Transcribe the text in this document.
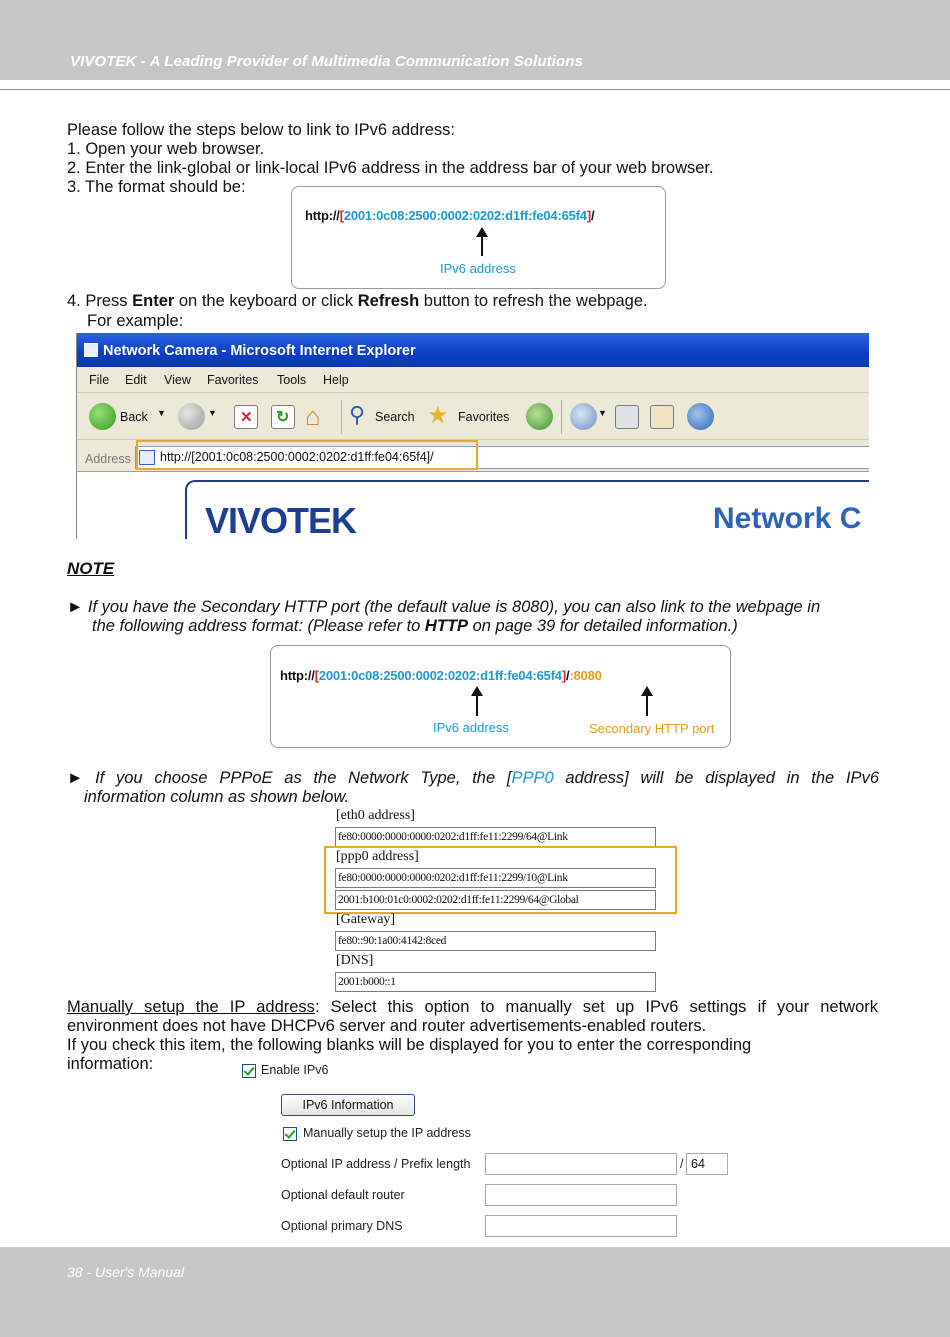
VIVOTEK - A Leading Provider of Multimedia Communication Solutions
Please follow the steps below to link to IPv6 address:
1. Open your web browser.
2. Enter the link-global or link-local IPv6 address in the address bar of your web browser.
3. The format should be:
http://[2001:0c08:2500:0002:0202:d1ff:fe04:65f4]/
IPv6 address
4. Press Enter on the keyboard or click Refresh button to refresh the webpage.
For example:
Network Camera - Microsoft Internet Explorer
File Edit View Favorites Tools Help
Back ▼	▼ ✕ ↻ ⌂ ⚲ Search ★ Favorites	▼
Address http://[2001:0c08:2500:0002:0202:d1ff:fe04:65f4]/
VIVOTEK	Network C
NOTE
► If you have the Secondary HTTP port (the default value is 8080), you can also link to the webpage in
the following address format: (Please refer to HTTP on page 39 for detailed information.)
http://[2001:0c08:2500:0002:0202:d1ff:fe04:65f4]/:8080
IPv6 address	Secondary HTTP port
► If you choose PPPoE as the Network Type, the [PPP0 address] will be displayed in the IPv6
information column as shown below.
[eth0 address]
fe80:0000:0000:0000:0202:d1ff:fe11:2299/64@Link
[ppp0 address]
fe80:0000:0000:0000:0202:d1ff:fe11:2299/10@Link
2001:b100:01c0:0002:0202:d1ff:fe11:2299/64@Global
[Gateway]
fe80::90:1a00:4142:8ced
[DNS]
2001:b000::1
Manually setup the IP address: Select this option to manually set up IPv6 settings if your network
environment does not have DHCPv6 server and router advertisements-enabled routers.
If you check this item, the following blanks will be displayed for you to enter the corresponding
information:	Enable IPv6
IPv6 Information
Manually setup the IP address
Optional IP address / Prefix length	/ 64
Optional default router
Optional primary DNS
38 - User's Manual
